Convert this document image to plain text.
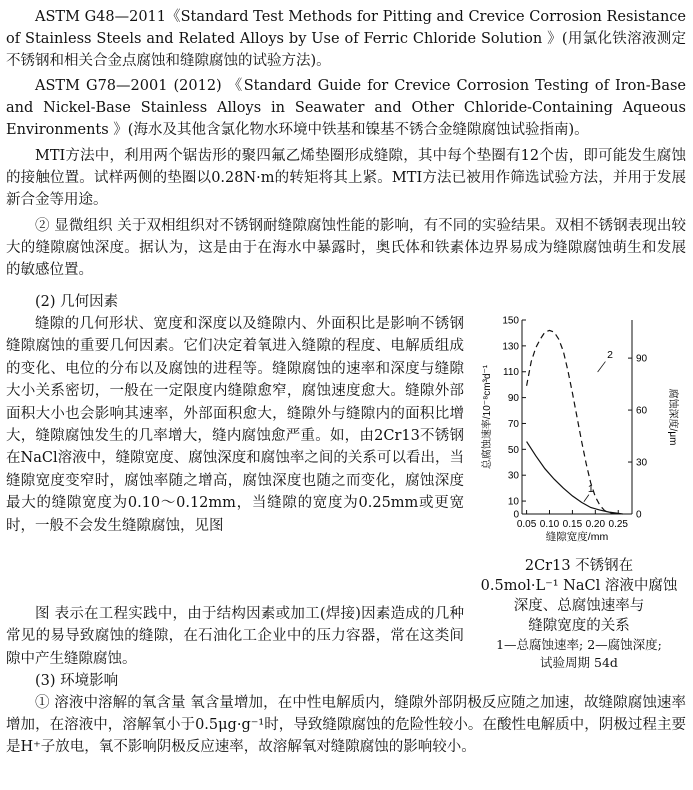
ASTM G48—2011《Standard Test Methods for Pitting and Crevice Corrosion Resistance of Stainless Steels and Related Alloys by Use of Ferric Chloride Solution 》(用氯化铁溶液测定不锈钢和相关合金点腐蚀和缝隙腐蚀的试验方法)。

ASTM G78—2001 (2012) 《Standard Guide for Crevice Corrosion Testing of Iron-Base and Nickel-Base Stainless Alloys in Seawater and Other Chloride-Containing Aqueous Environments 》(海水及其他含氯化物水环境中铁基和镍基不锈合金缝隙腐蚀试验指南)。

MTI方法中，利用两个锯齿形的聚四氟乙烯垫圈形成缝隙，其中每个垫圈有12个齿，即可能发生腐蚀的接触位置。试样两侧的垫圈以0.28N·m的转矩将其上紧。MTI方法已被用作筛选试验方法，并用于发展新合金等用途。

② 显微组织 关于双相组织对不锈钢耐缝隙腐蚀性能的影响，有不同的实验结果。双相不锈钢表现出较大的缝隙腐蚀深度。据认为，这是由于在海水中暴露时，奥氏体和铁素体边界易成为缝隙腐蚀萌生和发展的敏感位置。

(2) 几何因素

缝隙的几何形状、宽度和深度以及缝隙内、外面积比是影响不锈钢缝隙腐蚀的重要几何因素。它们决定着氧进入缝隙的程度、电解质组成的变化、电位的分布以及腐蚀的进程等。缝隙腐蚀的速率和深度与缝隙大小关系密切，一般在一定限度内缝隙愈窄，腐蚀速度愈大。缝隙外部面积大小也会影响其速率，外部面积愈大，缝隙外与缝隙内的面积比增大，缝隙腐蚀发生的几率增大，缝内腐蚀愈严重。如，由2Cr13不锈钢在NaCl溶液中，缝隙宽度、腐蚀深度和腐蚀率之间的关系可以看出，当缝隙宽度变窄时，腐蚀率随之增高，腐蚀深度也随之而变化，腐蚀深度最大的缝隙宽度为0.10～0.12mm，当缝隙的宽度为0.25mm或更宽时，一般不会发生缝隙腐蚀，见图

图 表示在工程实践中，由于结构因素或加工(焊接)因素造成的几种常见的易导致腐蚀的缝隙，在石油化工企业中的压力容器，常在这类间隙中产生缝隙腐蚀。

(3) 环境影响

① 溶液中溶解的氧含量 氧含量增加，在中性电解质内，缝隙外部阴极反应随之加速，故缝隙腐蚀速率增加，在溶液中，溶解氧小于0.5μg·g⁻¹时，导致缝隙腐蚀的危险性较小。在酸性电解质中，阴极过程主要是H⁺子放电，氧不影响阴极反应速率，故溶解氧对缝隙腐蚀的影响较小。

0
10
30
50
70
90
110
130
150
0
30
60
90
0.05 0.10 0.15 0.20 0.25
缝隙宽度/mm
总腐蚀速率/10⁻⁸cm³d⁻¹	腐蚀深度/μm
1
2
2Cr13 不锈钢在
0.5mol·L⁻¹ NaCl 溶液中腐蚀
深度、总腐蚀速率与
缝隙宽度的关系
1—总腐蚀速率; 2—腐蚀深度;
试验周期 54d
